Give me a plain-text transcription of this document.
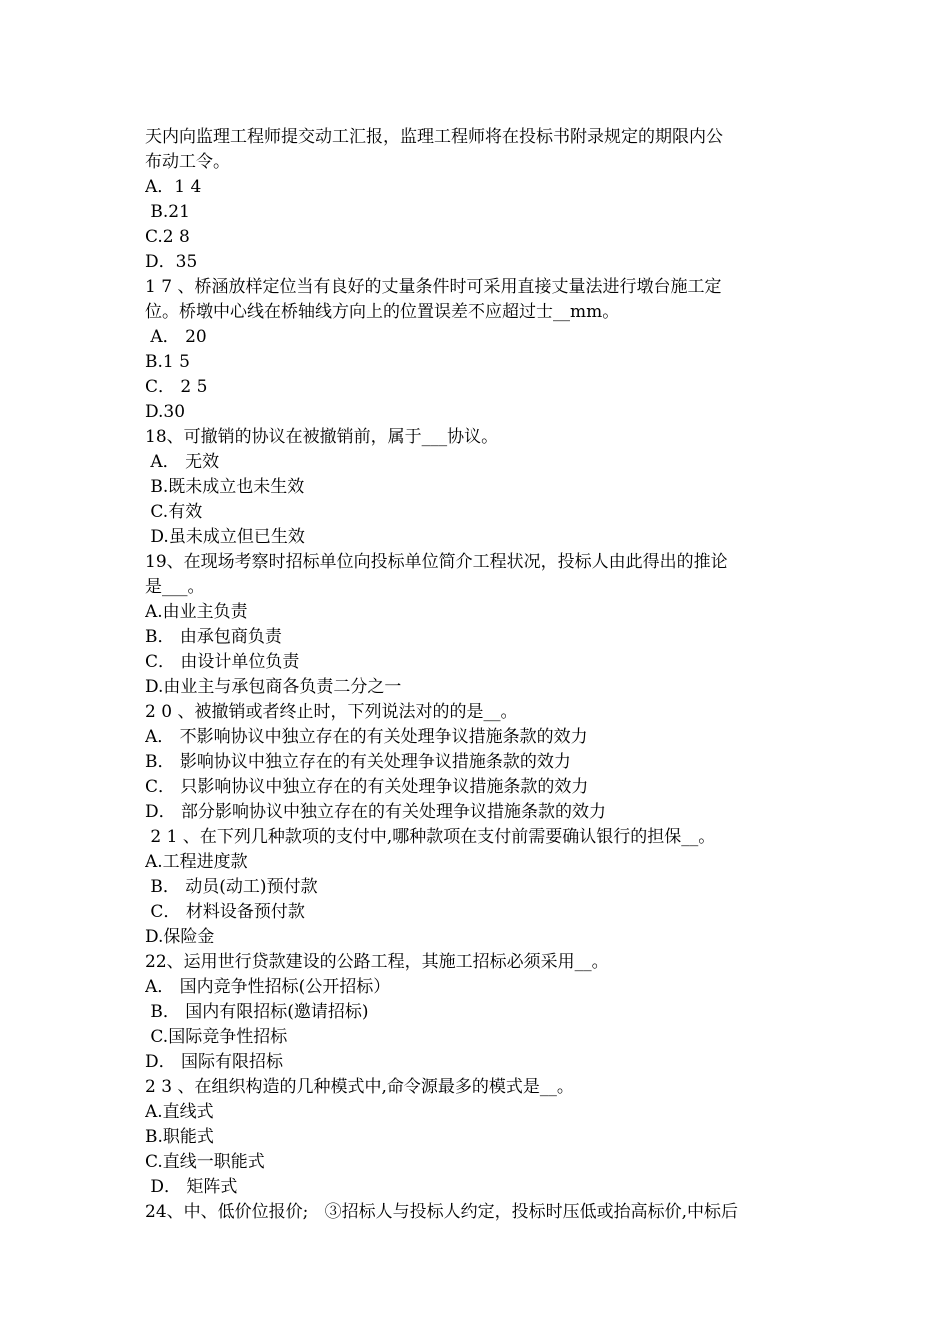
天内向监理工程师提交动工汇报，监理工程师将在投标书附录规定的期限内公
布动工令。
A．1 4
B.21
C.2 8
D．35
1 7 、桥涵放样定位当有良好的丈量条件时可采用直接丈量法进行墩台施工定
位。桥墩中心线在桥轴线方向上的位置误差不应超过士__mm。
A． 20
B.1 5
C． 2 5
D.30
18、可撤销的协议在被撤销前，属于___协议。
A． 无效
B.既未成立也未生效
C.有效
D.虽未成立但已生效
19、在现场考察时招标单位向投标单位简介工程状况，投标人由此得出的推论
是___。
A.由业主负责
B． 由承包商负责
C． 由设计单位负责
D.由业主与承包商各负责二分之一
2 0 、被撤销或者终止时，下列说法对的的是__。
A． 不影响协议中独立存在的有关处理争议措施条款的效力
B． 影响协议中独立存在的有关处理争议措施条款的效力
C． 只影响协议中独立存在的有关处理争议措施条款的效力
D． 部分影响协议中独立存在的有关处理争议措施条款的效力
2 1 、在下列几种款项的支付中,哪种款项在支付前需要确认银行的担保__。
A.工程进度款
B． 动员(动工)预付款
C． 材料设备预付款
D.保险金
22、运用世行贷款建设的公路工程，其施工招标必须采用__。
A． 国内竞争性招标(公开招标）
B． 国内有限招标(邀请招标)
C.国际竞争性招标
D． 国际有限招标
2 3 、在组织构造的几种模式中,命令源最多的模式是__。
A.直线式
B.职能式
C.直线一职能式
D． 矩阵式
24、中、低价位报价;   ③招标人与投标人约定，投标时压低或抬高标价,中标后
